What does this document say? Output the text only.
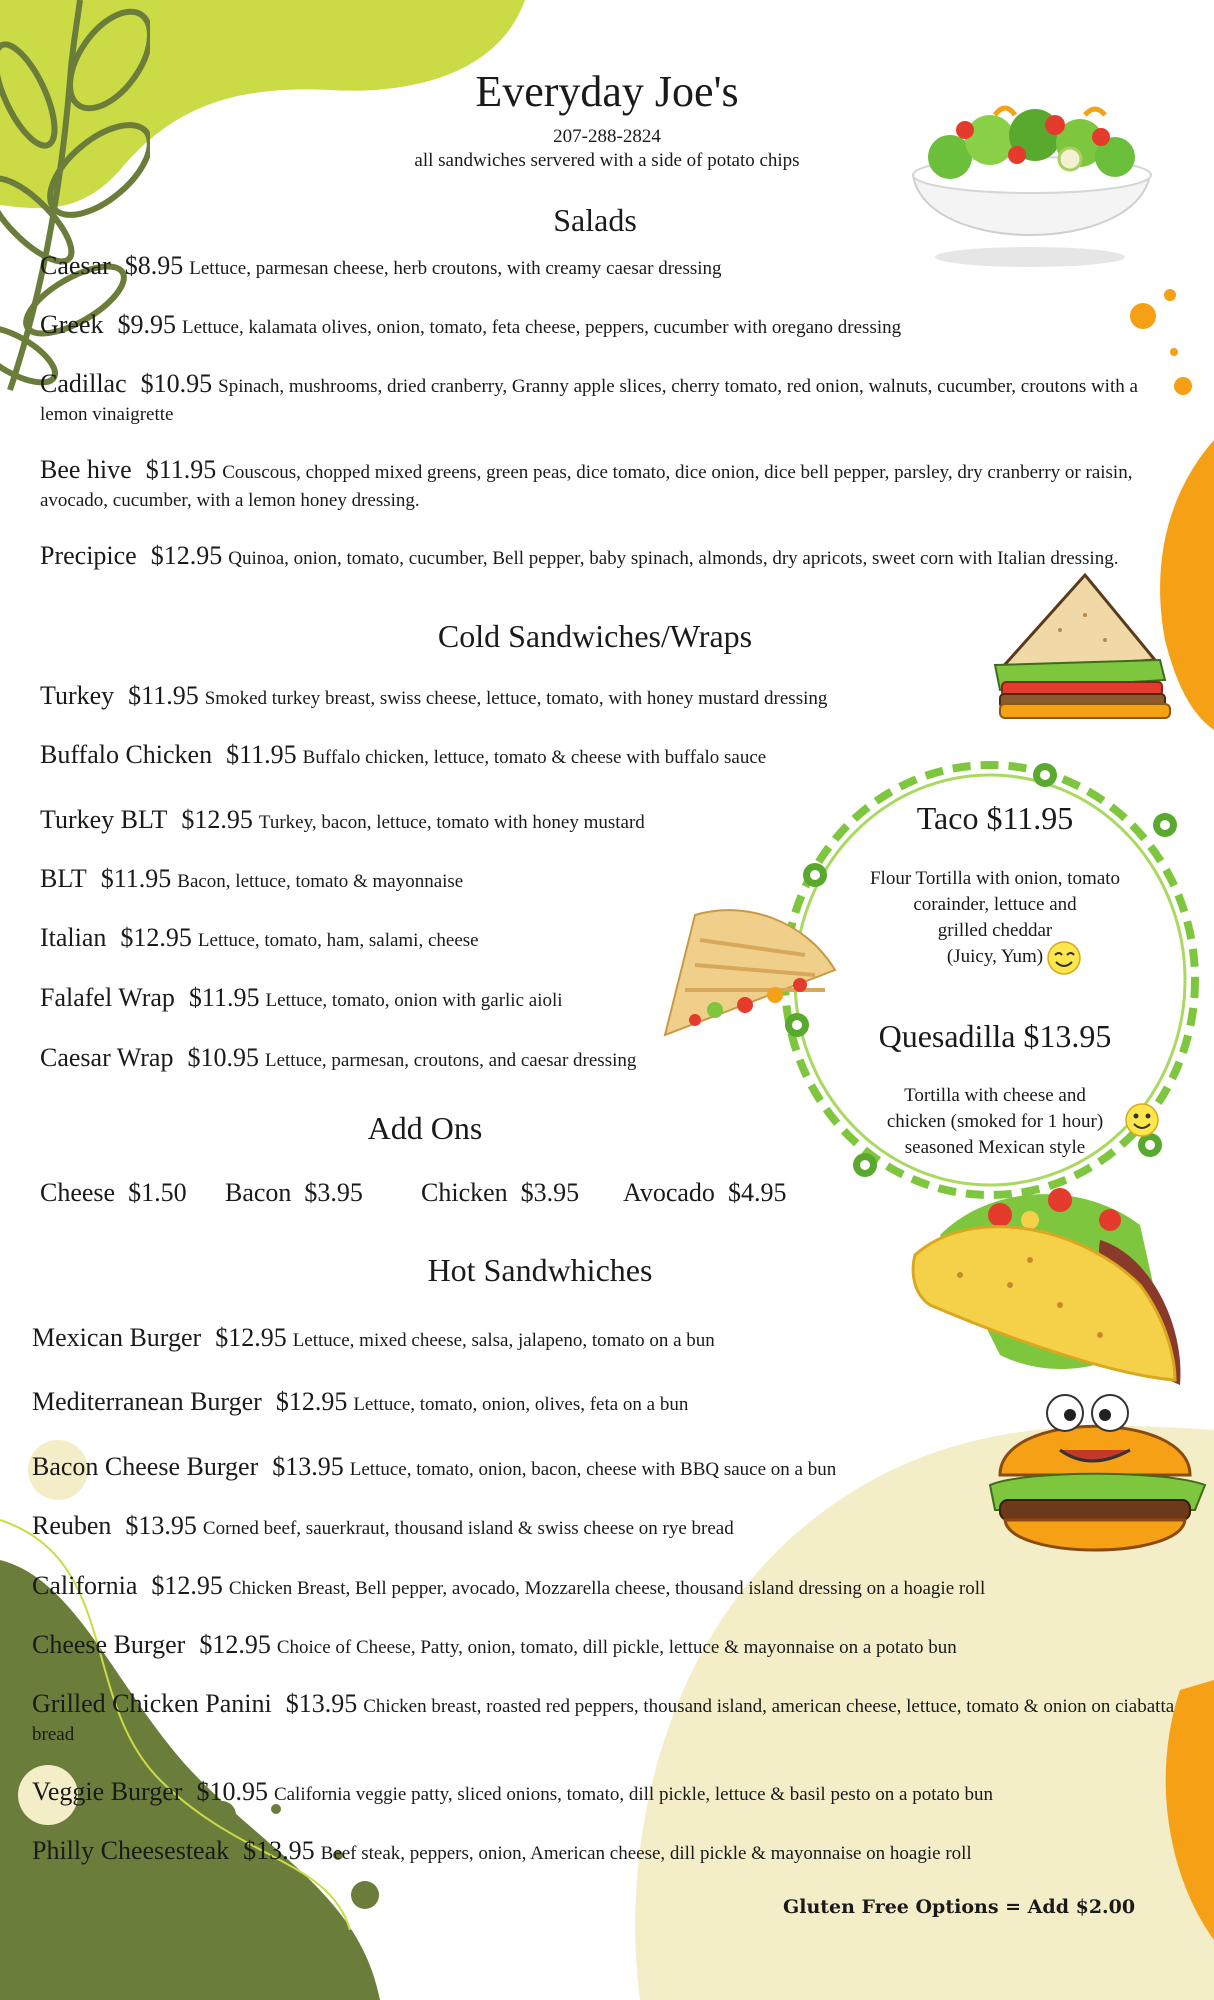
Everyday Joe's
207-288-2824
all sandwiches servered with a side of potato chips
Salads
Caesar $8.95 Lettuce, parmesan cheese, herb croutons, with creamy caesar dressing
Greek $9.95 Lettuce, kalamata olives, onion, tomato, feta cheese, peppers, cucumber with oregano dressing
Cadillac $10.95 Spinach, mushrooms, dried cranberry, Granny apple slices, cherry tomato, red onion, walnuts, cucumber, croutons with a lemon vinaigrette
Bee hive $11.95 Couscous, chopped mixed greens, green peas, dice tomato, dice onion, dice bell pepper, parsley, dry cranberry or raisin, avocado, cucumber, with a lemon honey dressing.
Precipice $12.95 Quinoa, onion, tomato, cucumber, Bell pepper, baby spinach, almonds, dry apricots, sweet corn with Italian dressing.
Cold Sandwiches/Wraps
Turkey $11.95 Smoked turkey breast, swiss cheese, lettuce, tomato, with honey mustard dressing
Buffalo Chicken $11.95 Buffalo chicken, lettuce, tomato & cheese with buffalo sauce
Turkey BLT $12.95 Turkey, bacon, lettuce, tomato with honey mustard
BLT $11.95 Bacon, lettuce, tomato & mayonnaise
Italian $12.95 Lettuce, tomato, ham, salami, cheese
Falafel Wrap $11.95 Lettuce, tomato, onion with garlic aioli
Caesar Wrap $10.95 Lettuce, parmesan, croutons, and caesar dressing
Taco $11.95
Flour Tortilla with onion, tomato
corainder, lettuce and
grilled cheddar
(Juicy, Yum)
Quesadilla $13.95
Tortilla with cheese and
chicken (smoked for 1 hour)
seasoned Mexican style
Add Ons
Cheese $1.50 Bacon $3.95 Chicken $3.95 Avocado $4.95
Hot Sandwhiches
Mexican Burger $12.95 Lettuce, mixed cheese, salsa, jalapeno, tomato on a bun
Mediterranean Burger $12.95 Lettuce, tomato, onion, olives, feta on a bun
Bacon Cheese Burger $13.95 Lettuce, tomato, onion, bacon, cheese with BBQ sauce on a bun
Reuben $13.95 Corned beef, sauerkraut, thousand island & swiss cheese on rye bread
California $12.95 Chicken Breast, Bell pepper, avocado, Mozzarella cheese, thousand island dressing on a hoagie roll
Cheese Burger $12.95 Choice of Cheese, Patty, onion, tomato, dill pickle, lettuce & mayonnaise on a potato bun
Grilled Chicken Panini $13.95 Chicken breast, roasted red peppers, thousand island, american cheese, lettuce, tomato & onion on ciabatta bread
Veggie Burger $10.95 California veggie patty, sliced onions, tomato, dill pickle, lettuce & basil pesto on a potato bun
Philly Cheesesteak $13.95 Beef steak, peppers, onion, American cheese, dill pickle & mayonnaise on hoagie roll
Gluten Free Options = Add $2.00
